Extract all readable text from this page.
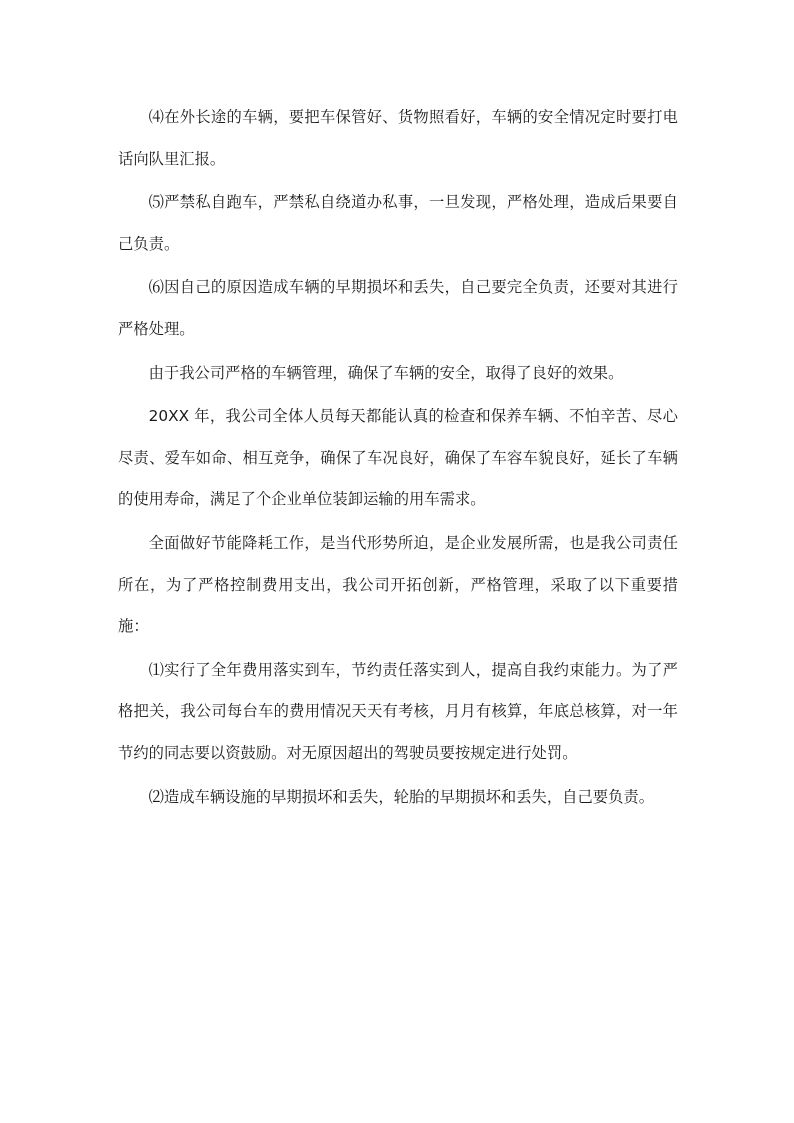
⑷在外长途的车辆，要把车保管好、货物照看好，车辆的安全情况定时要打电话向队里汇报。

⑸严禁私自跑车，严禁私自绕道办私事，一旦发现，严格处理，造成后果要自己负责。

⑹因自己的原因造成车辆的早期损坏和丢失，自己要完全负责，还要对其进行严格处理。

由于我公司严格的车辆管理，确保了车辆的安全，取得了良好的效果。

20XX 年，我公司全体人员每天都能认真的检查和保养车辆、不怕辛苦、尽心尽责、爱车如命、相互竞争，确保了车况良好，确保了车容车貌良好，延长了车辆的使用寿命，满足了个企业单位装卸运输的用车需求。

全面做好节能降耗工作，是当代形势所迫，是企业发展所需，也是我公司责任所在，为了严格控制费用支出，我公司开拓创新，严格管理，采取了以下重要措施：

⑴实行了全年费用落实到车，节约责任落实到人，提高自我约束能力。为了严格把关，我公司每台车的费用情况天天有考核，月月有核算，年底总核算，对一年节约的同志要以资鼓励。对无原因超出的驾驶员要按规定进行处罚。

⑵造成车辆设施的早期损坏和丢失，轮胎的早期损坏和丢失，自己要负责。
